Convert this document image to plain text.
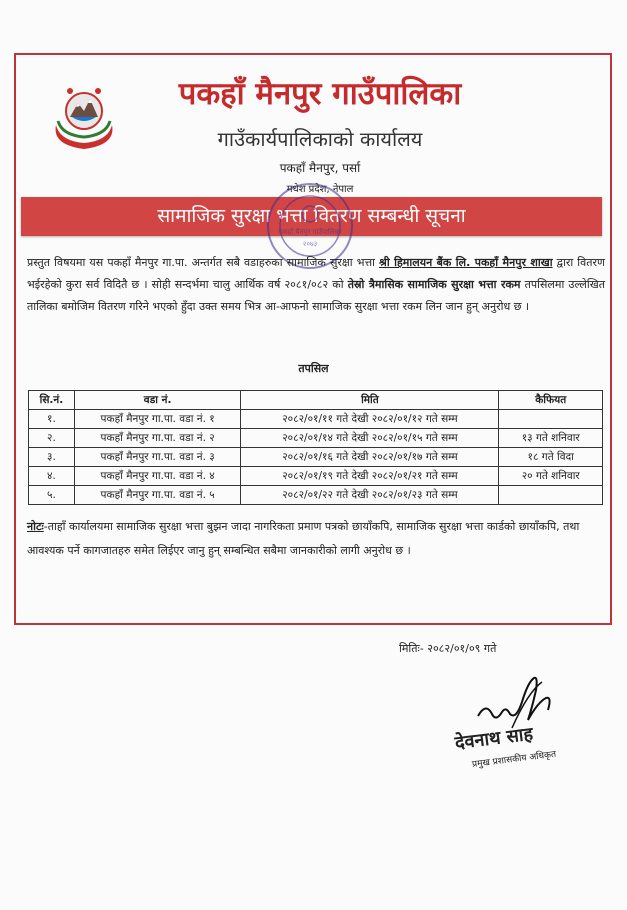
पकहाँ मैनपुर गाउँपालिका
गाउँकार्यपालिकाको कार्यालय
पकहाँ मैनपुर, पर्सा
मधेश प्रदेश, नेपाल
सामाजिक सुरक्षा भत्ता वितरण सम्बन्धी सूचना
पकहाँ मैनपुर गाउँपालिका
२०७३
प्रस्तुत विषयमा यस पकहाँ मैनपुर गा.पा. अन्तर्गत सबै वडाहरुका सामाजिक सुरक्षा भत्ता श्री हिमालयन बैंक लि. पकहाँ मैनपुर शाखा द्वारा वितरण भईरहेको कुरा सर्व विदितै छ । सोही सन्दर्भमा चालु आर्थिक वर्ष २०८१/०८२ को तेस्रो त्रैमासिक सामाजिक सुरक्षा भत्ता रकम तपसिलमा उल्लेखित तालिका बमोजिम वितरण गरिने भएको हुँदा उक्त समय भित्र आ-आफनो सामाजिक सुरक्षा भत्ता रकम लिन जान हुन् अनुरोध छ ।
तपसिल
सि.नं.	वडा नं.	मिति	कैफियत
१.	पकहाँ मैनपुर गा.पा. वडा नं. १	२०८२/०१/११ गते देखी २०८२/०१/१२ गते सम्म	
२.	पकहाँ मैनपुर गा.पा. वडा नं. २	२०८२/०१/१४ गते देखी २०८२/०१/१५ गते सम्म	१३ गते शनिवार
३.	पकहाँ मैनपुर गा.पा. वडा नं. ३	२०८२/०१/१६ गते देखी २०८२/०१/१७ गते सम्म	१८ गते विदा
४.	पकहाँ मैनपुर गा.पा. वडा नं. ४	२०८२/०१/१९ गते देखी २०८२/०१/२१ गते सम्म	२० गते शनिवार
५.	पकहाँ मैनपुर गा.पा. वडा नं. ५	२०८२/०१/२२ गते देखी २०८२/०१/२३ गते सम्म	
नोटः-ताहाँ कार्यालयमा सामाजिक सुरक्षा भत्ता बुझन जादा नागरिकता प्रमाण पत्रको छायाँकपि, सामाजिक सुरक्षा भत्ता कार्डको छायाँकपि, तथा आवश्यक पर्ने कागजातहरु समेत लिईएर जानु हुन् सम्बन्धित सबैमा जानकारीको लागी अनुरोध छ ।
मितिः- २०८२/०१/०९ गते
देवनाथ साह
प्रमुख प्रशासकीय अधिकृत
